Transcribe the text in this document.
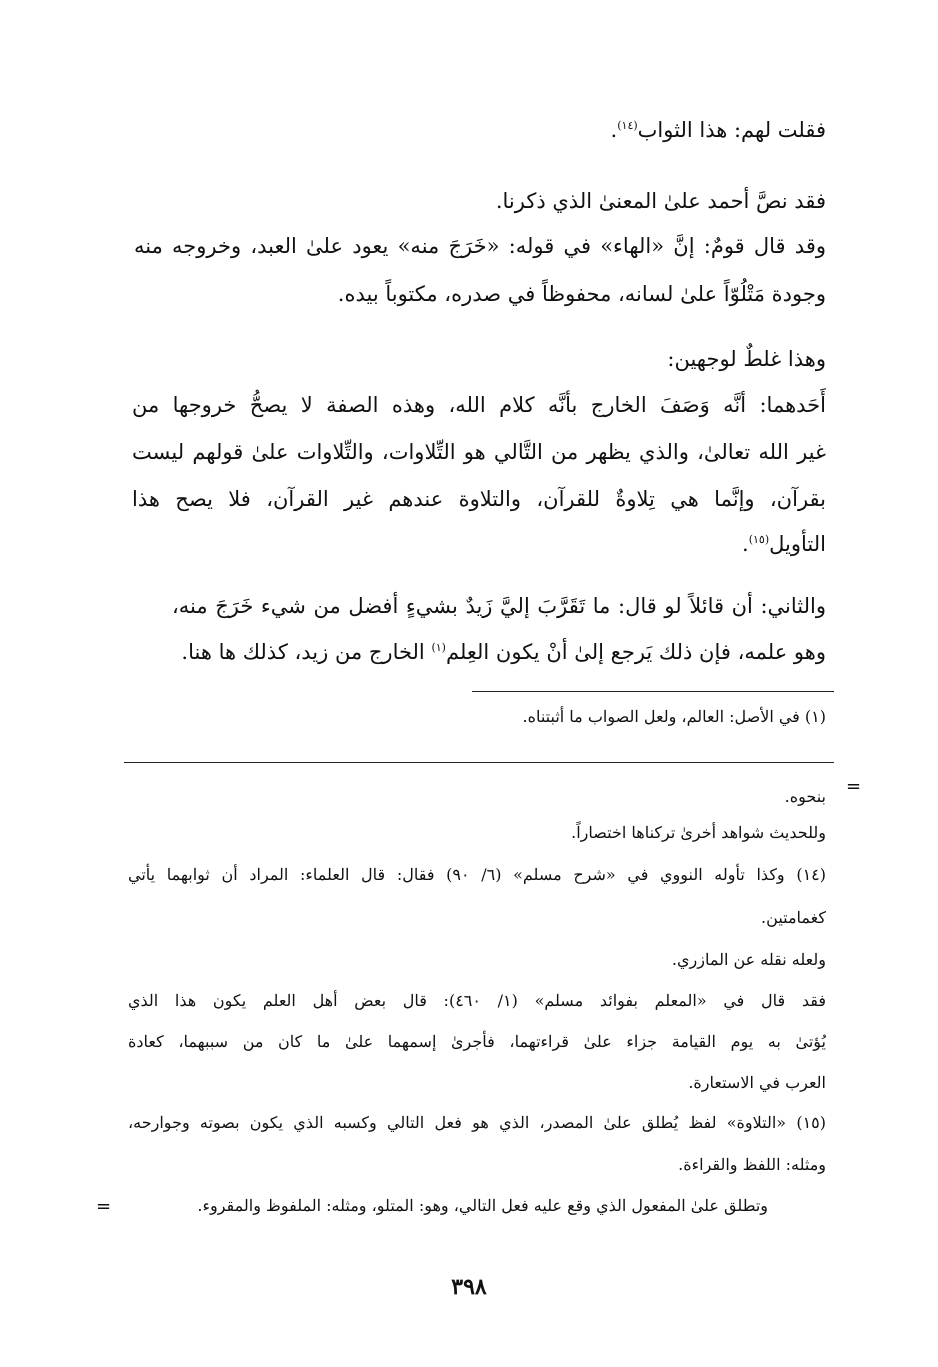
فقلت لهم: هذا الثواب$^{(١٤)}$.

فقد نصَّ أحمد علىٰ المعنىٰ الذي ذكرنا.

وقد قال قومٌ: إنَّ «الهاء» في قوله: «خَرَجَ منه» يعود علىٰ العبد، وخروجه منه

وجودة مَتْلُوّاً علىٰ لسانه، محفوظاً في صدره، مكتوباً بيده.

وهذا غلطٌ لوجهين:

أَحَدهما: أنَّه وَصَفَ الخارج بأنَّه كلام الله، وهذه الصفة لا يصحُّ خروجها من

غير الله تعالىٰ، والذي يظهر من التَّالي هو التِّلاوات، والتِّلاوات علىٰ قولهم ليست

بقرآن، وإنَّما هي تِلاوةٌ للقرآن، والتلاوة عندهم غير القرآن، فلا يصح هذا

التأويل$^{(١٥)}$.

والثاني: أن قائلاً لو قال: ما تَقَرَّبَ إليَّ زَيدٌ بشيءٍ أفضل من شيء خَرَجَ منه،

وهو علمه، فإن ذلك يَرجع إلىٰ أنْ يكون العِلم$^{(١)}$ الخارج من زيد، كذلك ها هنا.

(١) في الأصل: العالم، ولعل الصواب ما أثبتناه.

=

بنحوه.

وللحديث شواهد أخرىٰ تركناها اختصاراً.

(١٤) وكذا تأوله النووي في «شرح مسلم» (٦/ ٩٠) فقال: قال العلماء: المراد أن ثوابهما يأتي

كغمامتين.

ولعله نقله عن المازري.

فقد قال في «المعلم بفوائد مسلم» (١/ ٤٦٠): قال بعض أهل العلم يكون هذا الذي

يُؤتىٰ به يوم القيامة جزاء علىٰ قراءتهما، فأجرىٰ إسمهما علىٰ ما كان من سببهما، كعادة

العرب في الاستعارة.

(١٥) «التلاوة» لفظ يُطلق علىٰ المصدر، الذي هو فعل التالي وكسبه الذي يكون بصوته وجوارحه،

ومثله: اللفظ والقراءة.

وتطلق علىٰ المفعول الذي وقع عليه فعل التالي، وهو: المتلو، ومثله: الملفوظ والمقروء.

=
٣٩٨
